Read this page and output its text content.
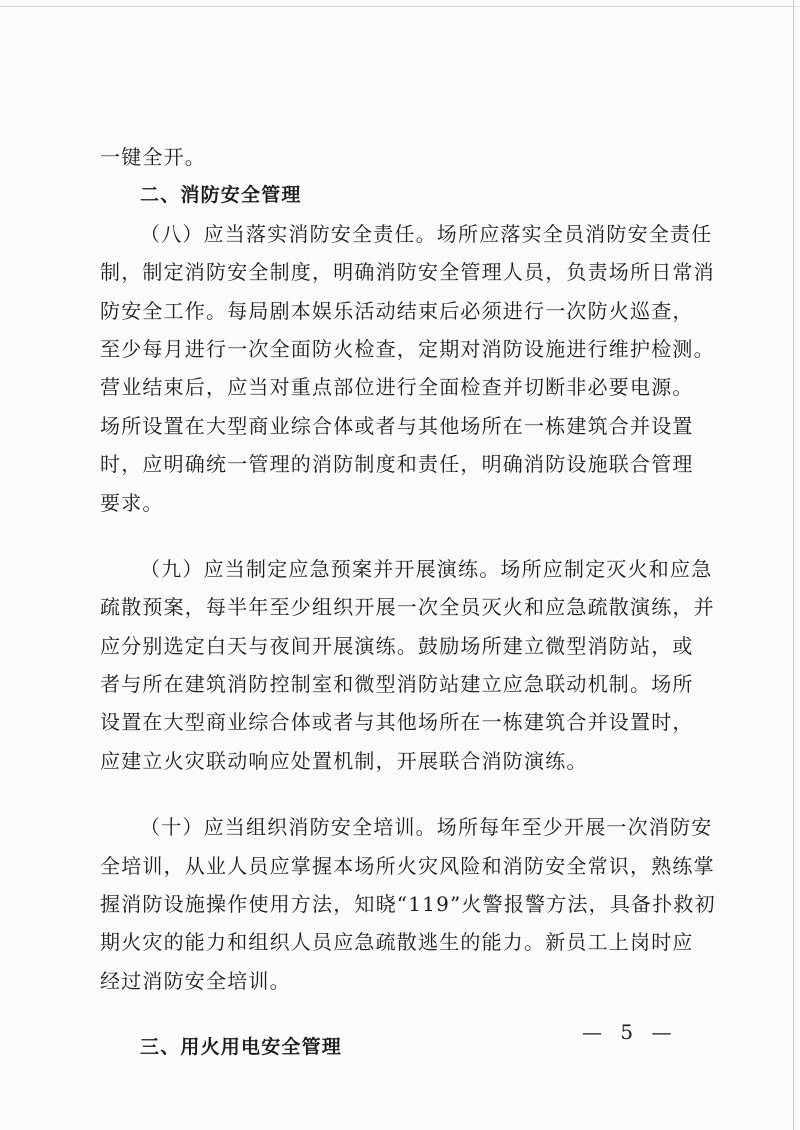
一键全开。
二、消防安全管理
（八）应当落实消防安全责任。场所应落实全员消防安全责任
制，制定消防安全制度，明确消防安全管理人员，负责场所日常消
防安全工作。每局剧本娱乐活动结束后必须进行一次防火巡查，
至少每月进行一次全面防火检查，定期对消防设施进行维护检测。
营业结束后，应当对重点部位进行全面检查并切断非必要电源。
场所设置在大型商业综合体或者与其他场所在一栋建筑合并设置
时，应明确统一管理的消防制度和责任，明确消防设施联合管理
要求。
（九）应当制定应急预案并开展演练。场所应制定灭火和应急
疏散预案，每半年至少组织开展一次全员灭火和应急疏散演练，并
应分别选定白天与夜间开展演练。鼓励场所建立微型消防站，或
者与所在建筑消防控制室和微型消防站建立应急联动机制。场所
设置在大型商业综合体或者与其他场所在一栋建筑合并设置时，
应建立火灾联动响应处置机制，开展联合消防演练。
（十）应当组织消防安全培训。场所每年至少开展一次消防安
全培训，从业人员应掌握本场所火灾风险和消防安全常识，熟练掌
握消防设施操作使用方法，知晓“119”火警报警方法，具备扑救初
期火灾的能力和组织人员应急疏散逃生的能力。新员工上岗时应
经过消防安全培训。
三、用火用电安全管理
— 5 —
